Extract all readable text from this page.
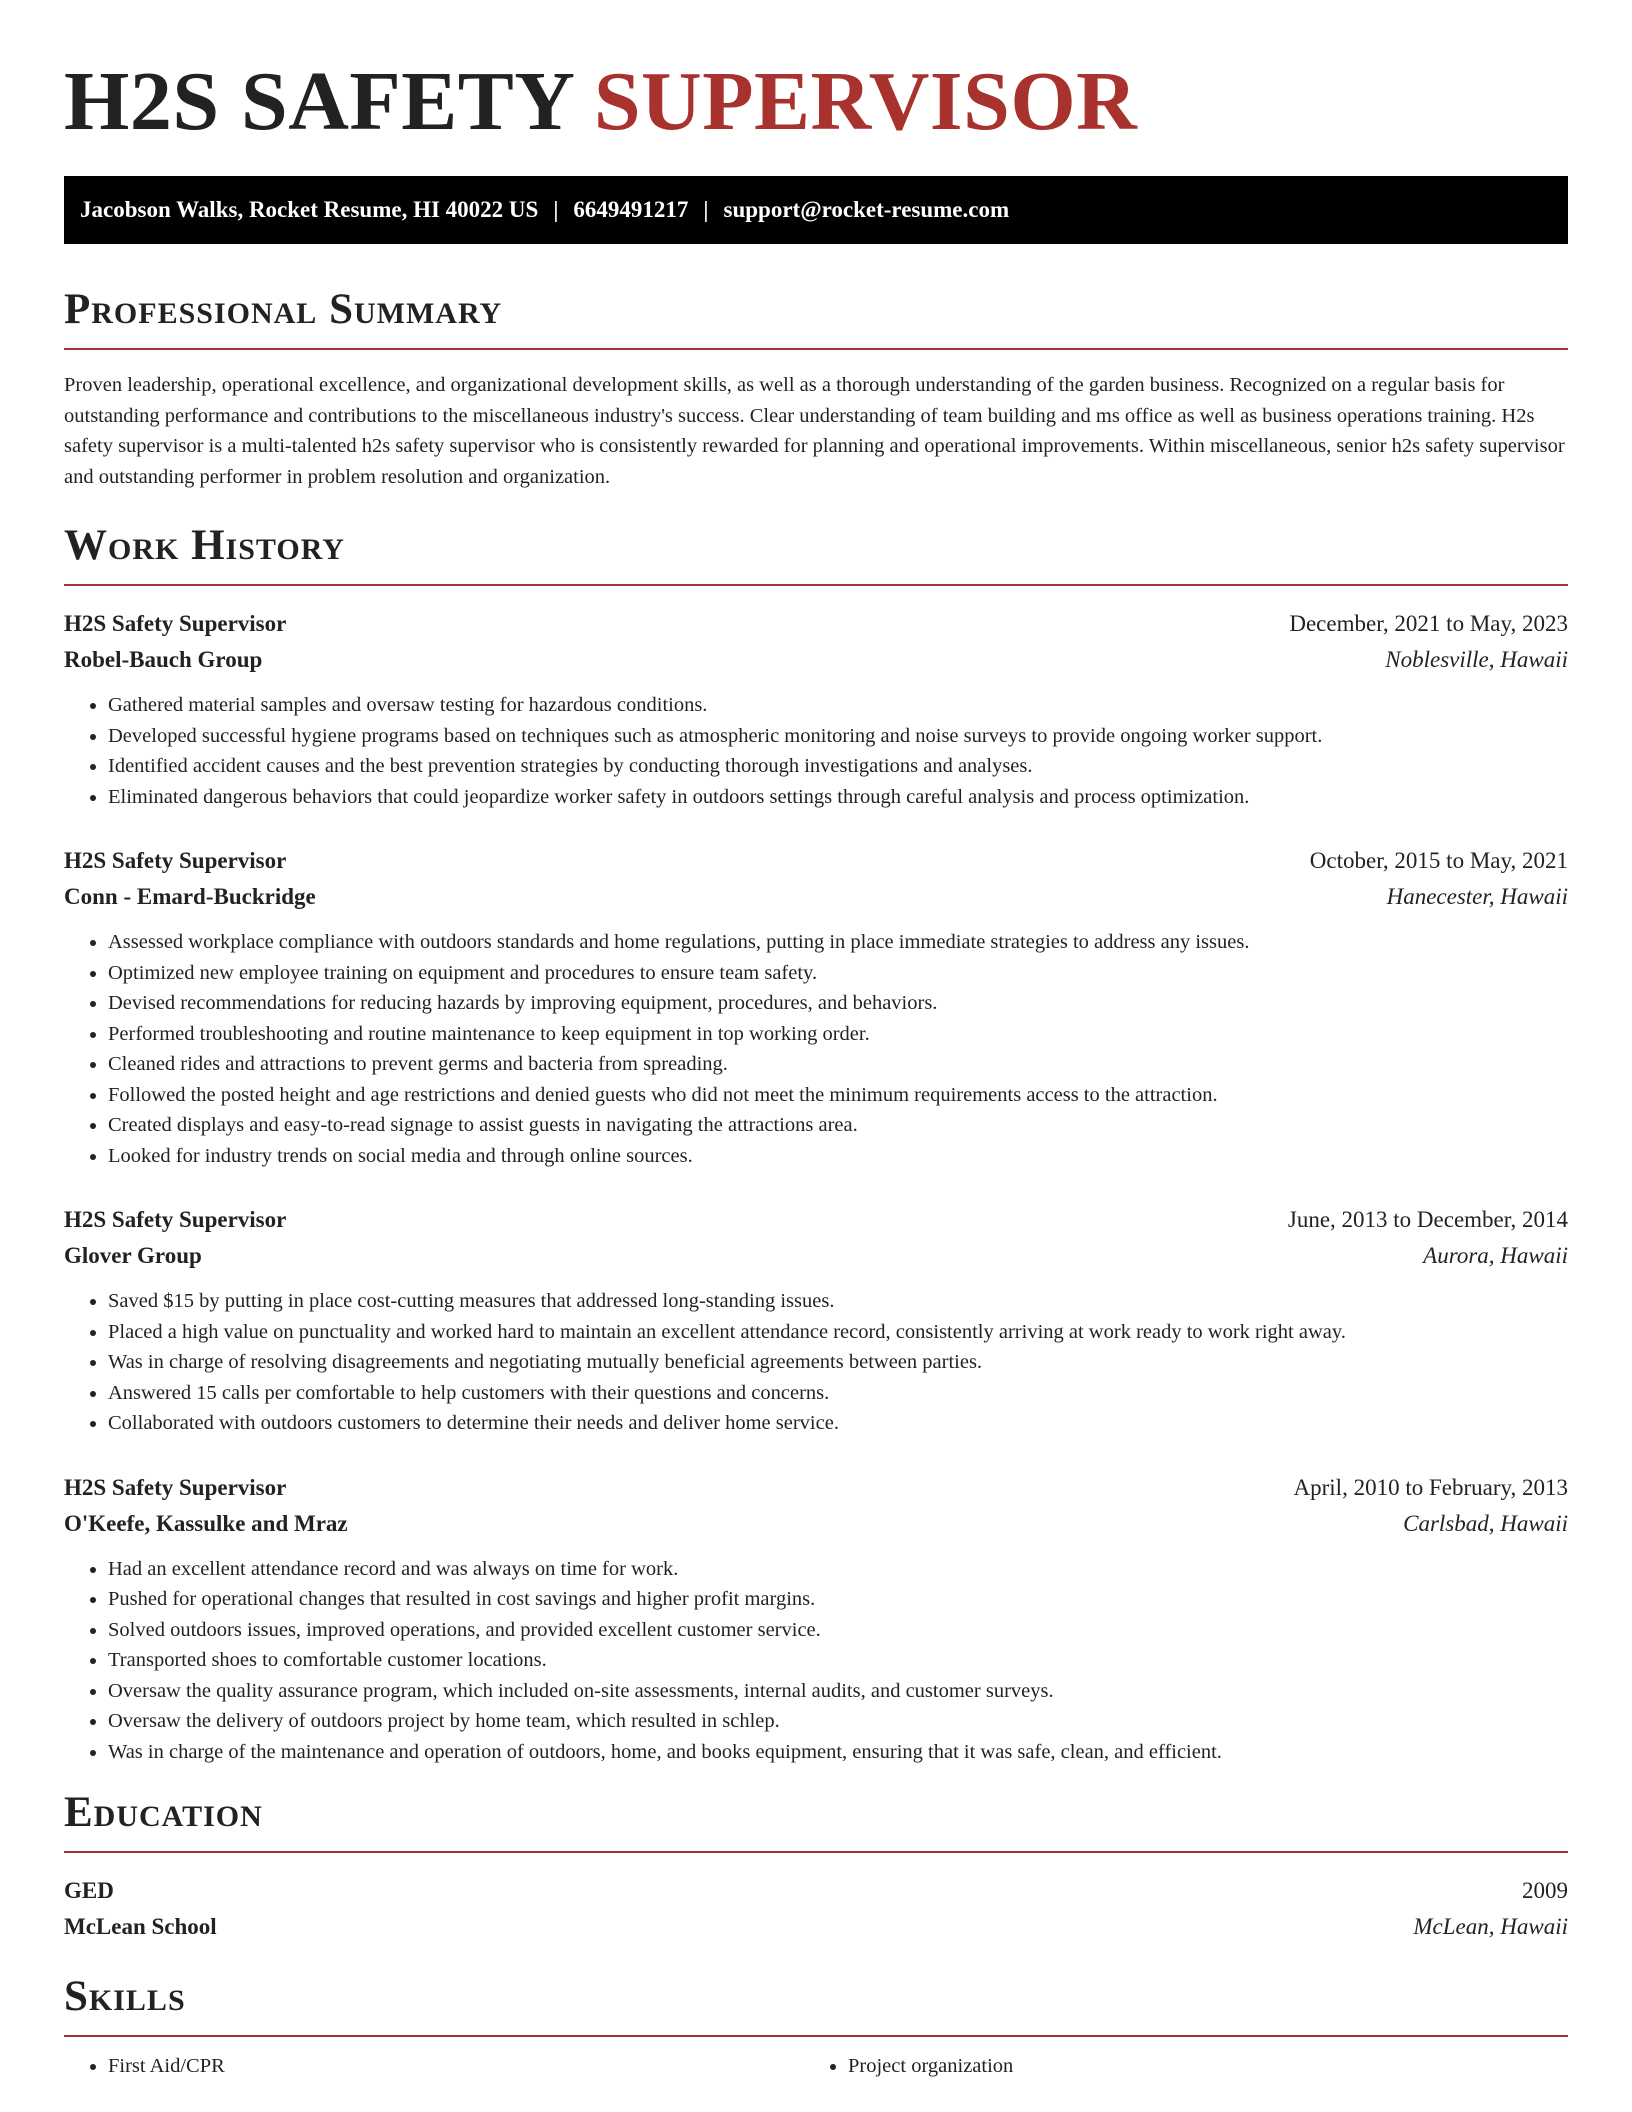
H2S SAFETY SUPERVISOR
Jacobson Walks, Rocket Resume, HI 40022 US | 6649491217 | support@rocket-resume.com
Professional Summary

Proven leadership, operational excellence, and organizational development skills, as well as a thorough understanding of the garden business. Recognized on a regular basis for outstanding performance and contributions to the miscellaneous industry's success. Clear understanding of team building and ms office as well as business operations training. H2s safety supervisor is a multi-talented h2s safety supervisor who is consistently rewarded for planning and operational improvements. Within miscellaneous, senior h2s safety supervisor and outstanding performer in problem resolution and organization.

Work History
H2S Safety Supervisor	December, 2021 to May, 2023
Robel-Bauch Group	Noblesville, Hawaii
• Gathered material samples and oversaw testing for hazardous conditions.
• Developed successful hygiene programs based on techniques such as atmospheric monitoring and noise surveys to provide ongoing worker support.
• Identified accident causes and the best prevention strategies by conducting thorough investigations and analyses.
• Eliminated dangerous behaviors that could jeopardize worker safety in outdoors settings through careful analysis and process optimization.
H2S Safety Supervisor	October, 2015 to May, 2021
Conn - Emard-Buckridge	Hanecester, Hawaii
• Assessed workplace compliance with outdoors standards and home regulations, putting in place immediate strategies to address any issues.
• Optimized new employee training on equipment and procedures to ensure team safety.
• Devised recommendations for reducing hazards by improving equipment, procedures, and behaviors.
• Performed troubleshooting and routine maintenance to keep equipment in top working order.
• Cleaned rides and attractions to prevent germs and bacteria from spreading.
• Followed the posted height and age restrictions and denied guests who did not meet the minimum requirements access to the attraction.
• Created displays and easy-to-read signage to assist guests in navigating the attractions area.
• Looked for industry trends on social media and through online sources.
H2S Safety Supervisor	June, 2013 to December, 2014
Glover Group	Aurora, Hawaii
• Saved $15 by putting in place cost-cutting measures that addressed long-standing issues.
• Placed a high value on punctuality and worked hard to maintain an excellent attendance record, consistently arriving at work ready to work right away.
• Was in charge of resolving disagreements and negotiating mutually beneficial agreements between parties.
• Answered 15 calls per comfortable to help customers with their questions and concerns.
• Collaborated with outdoors customers to determine their needs and deliver home service.
H2S Safety Supervisor	April, 2010 to February, 2013
O'Keefe, Kassulke and Mraz	Carlsbad, Hawaii
• Had an excellent attendance record and was always on time for work.
• Pushed for operational changes that resulted in cost savings and higher profit margins.
• Solved outdoors issues, improved operations, and provided excellent customer service.
• Transported shoes to comfortable customer locations.
• Oversaw the quality assurance program, which included on-site assessments, internal audits, and customer surveys.
• Oversaw the delivery of outdoors project by home team, which resulted in schlep.
• Was in charge of the maintenance and operation of outdoors, home, and books equipment, ensuring that it was safe, clean, and efficient.
Education
GED	2009
McLean School	McLean, Hawaii
Skills
• First Aid/CPR
•	Project organization
